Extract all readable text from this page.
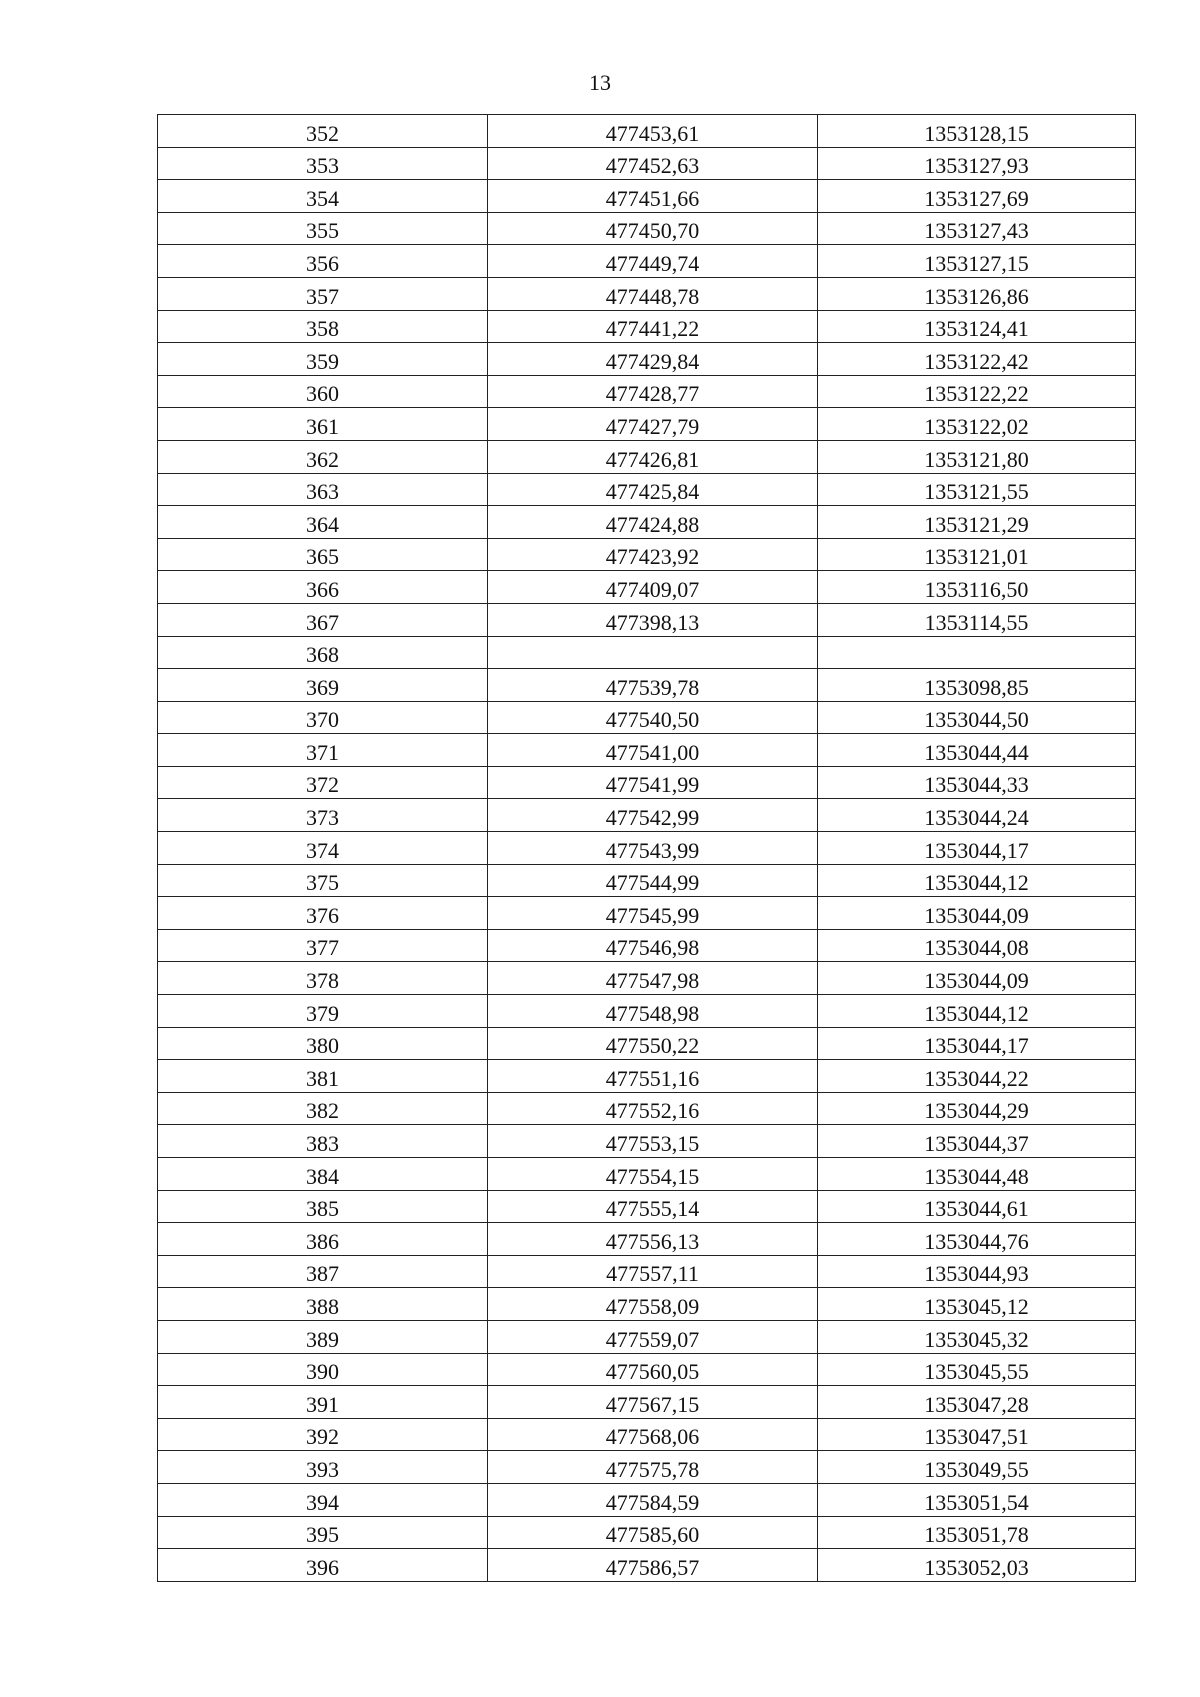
13
352	477453,61	1353128,15
353	477452,63	1353127,93
354	477451,66	1353127,69
355	477450,70	1353127,43
356	477449,74	1353127,15
357	477448,78	1353126,86
358	477441,22	1353124,41
359	477429,84	1353122,42
360	477428,77	1353122,22
361	477427,79	1353122,02
362	477426,81	1353121,80
363	477425,84	1353121,55
364	477424,88	1353121,29
365	477423,92	1353121,01
366	477409,07	1353116,50
367	477398,13	1353114,55
368		
369	477539,78	1353098,85
370	477540,50	1353044,50
371	477541,00	1353044,44
372	477541,99	1353044,33
373	477542,99	1353044,24
374	477543,99	1353044,17
375	477544,99	1353044,12
376	477545,99	1353044,09
377	477546,98	1353044,08
378	477547,98	1353044,09
379	477548,98	1353044,12
380	477550,22	1353044,17
381	477551,16	1353044,22
382	477552,16	1353044,29
383	477553,15	1353044,37
384	477554,15	1353044,48
385	477555,14	1353044,61
386	477556,13	1353044,76
387	477557,11	1353044,93
388	477558,09	1353045,12
389	477559,07	1353045,32
390	477560,05	1353045,55
391	477567,15	1353047,28
392	477568,06	1353047,51
393	477575,78	1353049,55
394	477584,59	1353051,54
395	477585,60	1353051,78
396	477586,57	1353052,03
